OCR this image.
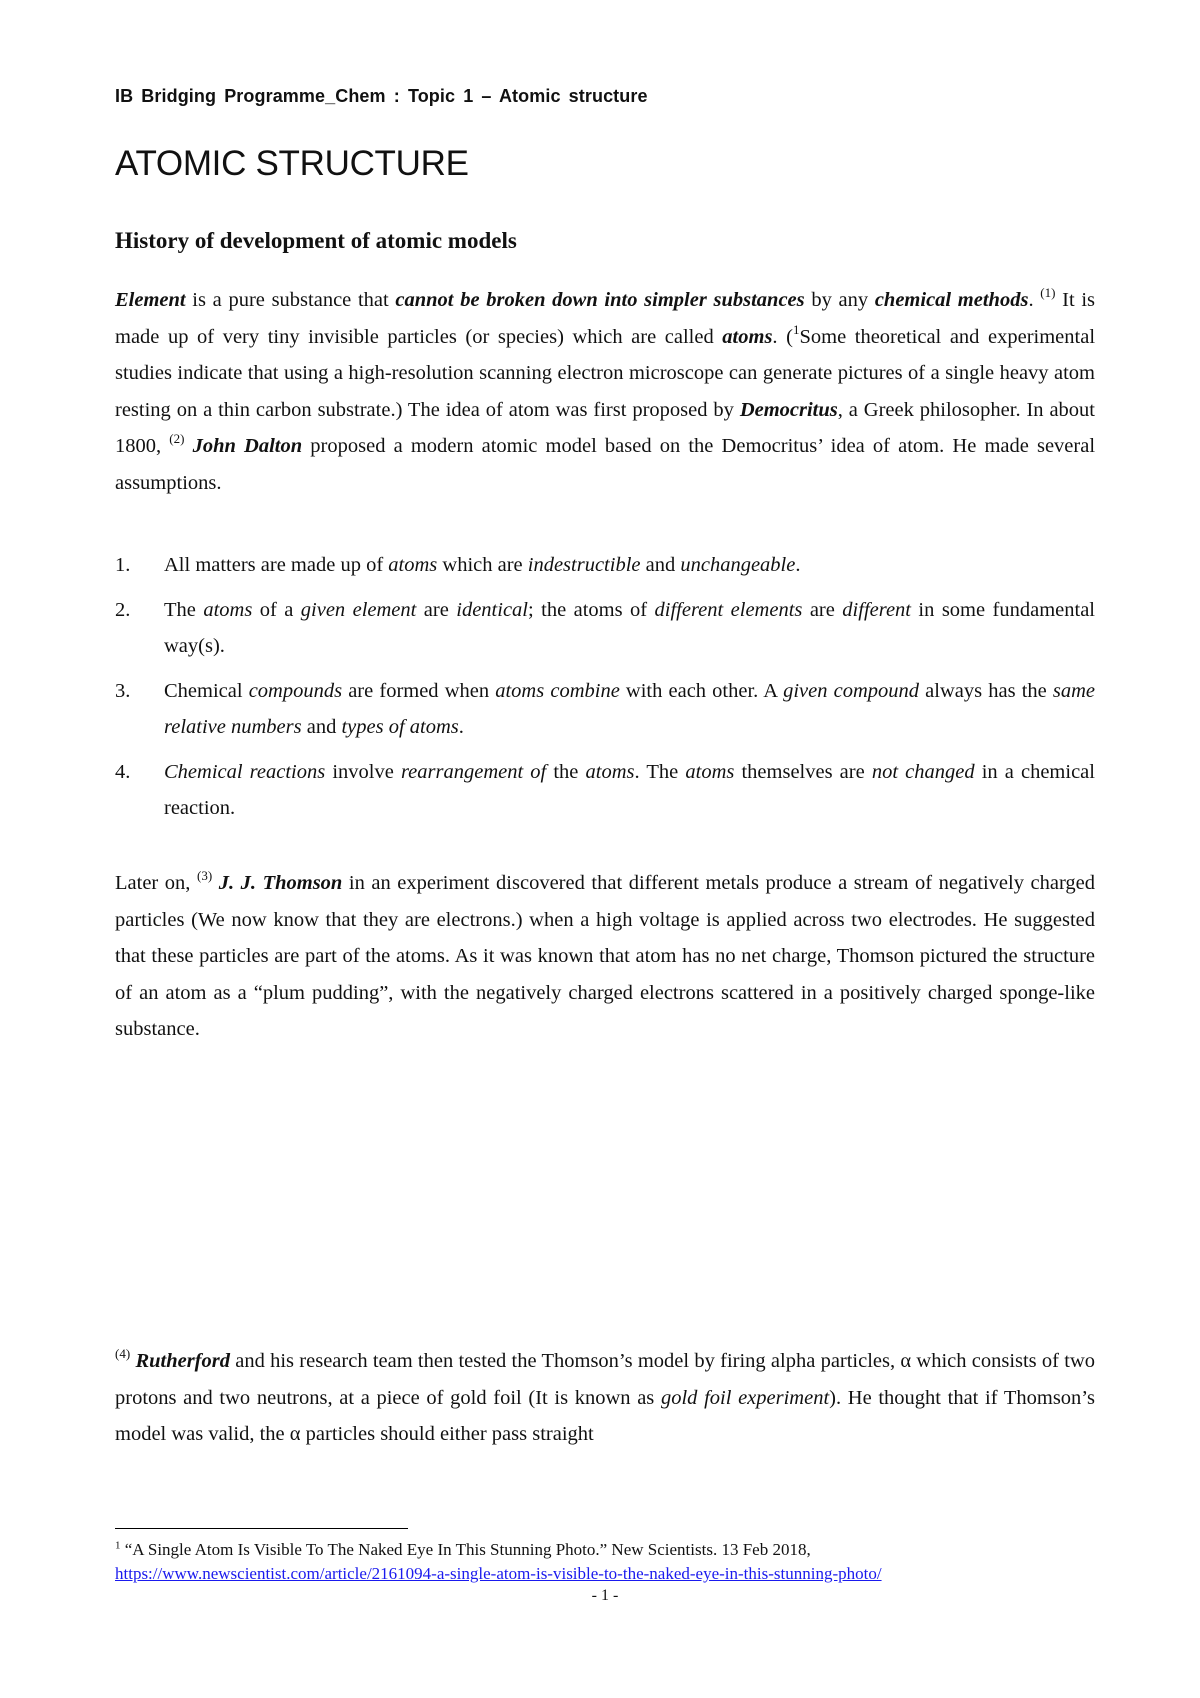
IB Bridging Programme_Chem : Topic 1 – Atomic structure
ATOMIC STRUCTURE
History of development of atomic models

Element is a pure substance that cannot be broken down into simpler substances by any chemical methods. $^{(1)}$ It is made up of very tiny invisible particles (or species) which are called atoms. ($^1$Some theoretical and experimental studies indicate that using a high-resolution scanning electron microscope can generate pictures of a single heavy atom resting on a thin carbon substrate.) The idea of atom was first proposed by Democritus, a Greek philosopher. In about 1800, $^{(2)}$ John Dalton proposed a modern atomic model based on the Democritus’ idea of atom. He made several assumptions.

1. All matters are made up of atoms which are indestructible and unchangeable.
2. The atoms of a given element are identical; the atoms of different elements are different in some fundamental way(s).
3. Chemical compounds are formed when atoms combine with each other. A given compound always has the same relative numbers and types of atoms.
4. Chemical reactions involve rearrangement of the atoms. The atoms themselves are not changed in a chemical reaction.

Later on, $^{(3)}$ J. J. Thomson in an experiment discovered that different metals produce a stream of negatively charged particles (We now know that they are electrons.) when a high voltage is applied across two electrodes. He suggested that these particles are part of the atoms. As it was known that atom has no net charge, Thomson pictured the structure of an atom as a “plum pudding”, with the negatively charged electrons scattered in a positively charged sponge-like substance.

$^{(4)}$ Rutherford and his research team then tested the Thomson’s model by firing alpha particles, α which consists of two protons and two neutrons, at a piece of gold foil (It is known as gold foil experiment). He thought that if Thomson’s model was valid, the α particles should either pass straight

$^1$ “A Single Atom Is Visible To The Naked Eye In This Stunning Photo.” New Scientists. 13 Feb 2018,
https://www.newscientist.com/article/2161094-a-single-atom-is-visible-to-the-naked-eye-in-this-stunning-photo/
- 1 -
